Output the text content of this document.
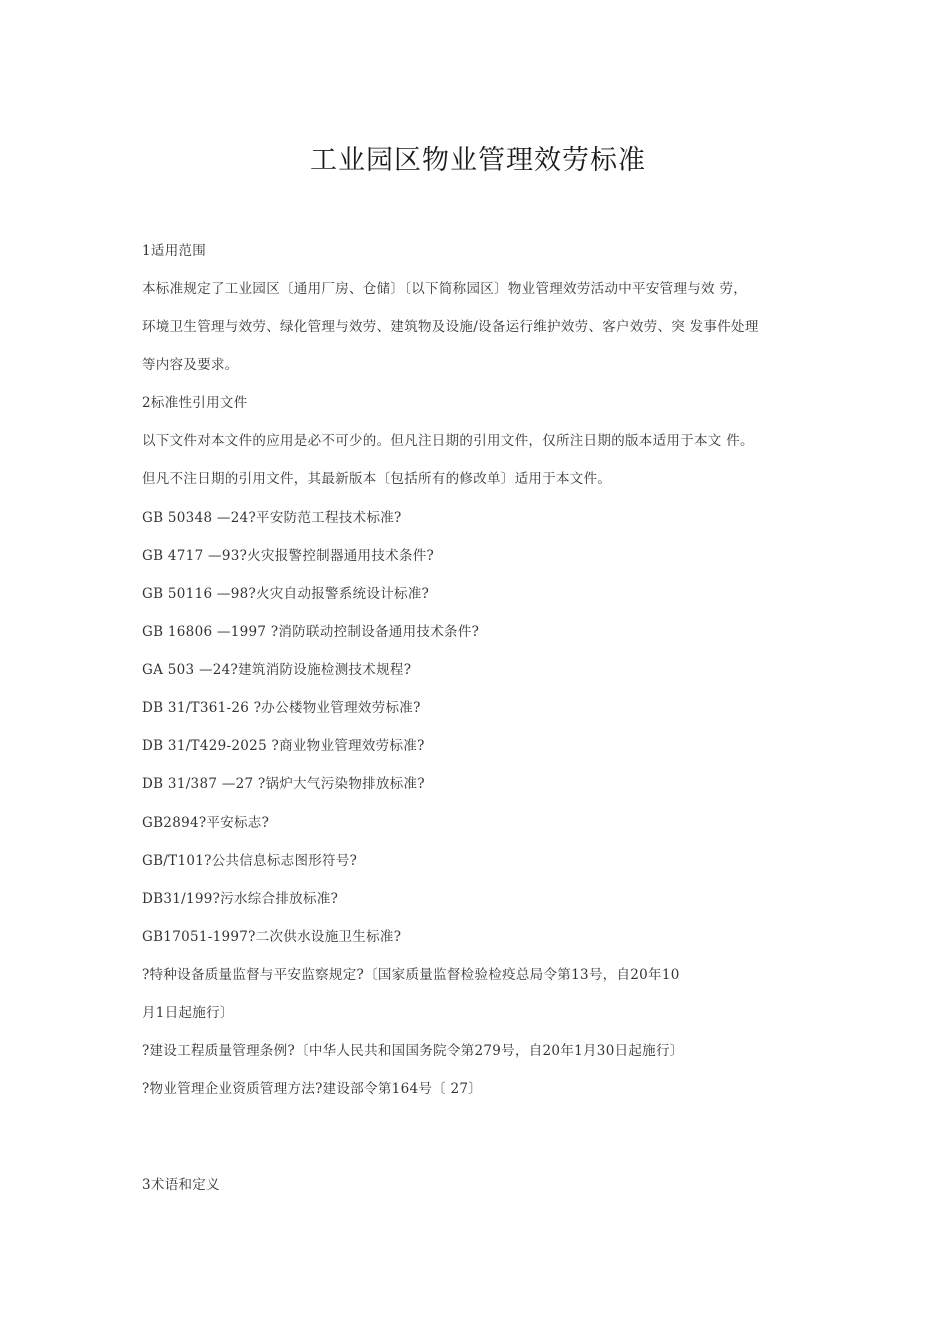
工业园区物业管理效劳标准
1适用范围
本标准规定了工业园区〔通用厂房、仓储〕〔以下简称园区〕物业管理效劳活动中平安管理与效 劳，
环境卫生管理与效劳、绿化管理与效劳、建筑物及设施/设备运行维护效劳、客户效劳、突 发事件处理
等内容及要求。
2标准性引用文件
以下文件对本文件的应用是必不可少的。但凡注日期的引用文件，仅所注日期的版本适用于本文 件。
但凡不注日期的引用文件，其最新版本〔包括所有的修改单〕适用于本文件。
GB 50348 —24?平安防范工程技术标准?
GB 4717 —93?火灾报警控制器通用技术条件?
GB 50116 —98?火灾自动报警系统设计标准?
GB 16806 —1997 ?消防联动控制设备通用技术条件?
GA 503 —24?建筑消防设施检测技术规程?
DB 31/T361-26 ?办公楼物业管理效劳标准?
DB 31/T429-2025 ?商业物业管理效劳标准?
DB 31/387 —27 ?锅炉大气污染物排放标准?
GB2894?平安标志?
GB/T101?公共信息标志图形符号?
DB31/199?污水综合排放标准?
GB17051-1997?二次供水设施卫生标准?
?特种设备质量监督与平安监察规定?〔国家质量监督检验检疫总局令第13号，自20年10
月1日起施行〕
?建设工程质量管理条例?〔中华人民共和国国务院令第279号，自20年1月30日起施行〕
?物业管理企业资质管理方法?建设部令第164号〔 27〕
3术语和定义
